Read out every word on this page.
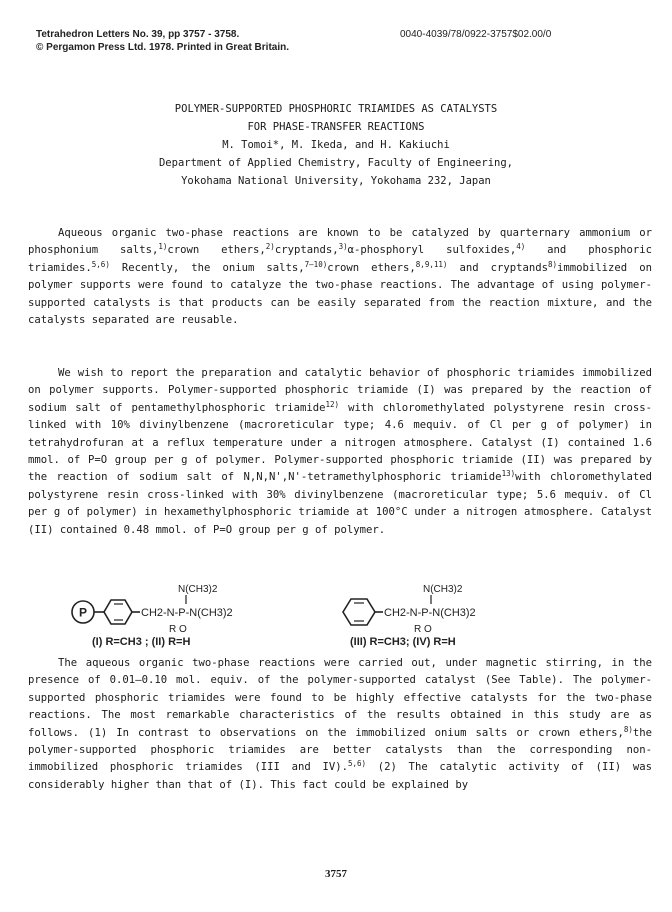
Tetrahedron Letters No. 39, pp 3757 - 3758.
© Pergamon Press Ltd. 1978. Printed in Great Britain.
0040-4039/78/0922-3757$02.00/0
POLYMER-SUPPORTED PHOSPHORIC TRIAMIDES AS CATALYSTS
FOR PHASE-TRANSFER REACTIONS
M. Tomoi*, M. Ikeda, and H. Kakiuchi
Department of Applied Chemistry, Faculty of Engineering,
Yokohama National University, Yokohama 232, Japan

Aqueous organic two-phase reactions are known to be catalyzed by quarternary ammonium or phosphonium salts,$^{1)}$crown ethers,$^{2)}$cryptands,$^{3)}$α-phosphoryl sulfoxides,$^{4)}$ and phosphoric triamides.$^{5,6)}$ Recently, the onium salts,$^{7—10)}$crown ethers,$^{8,9,11)}$ and cryptands$^{8)}$immobilized on polymer supports were found to catalyze the two-phase reactions. The advantage of using polymer-supported catalysts is that products can be easily separated from the reaction mixture, and the catalysts separated are reusable.

We wish to report the preparation and catalytic behavior of phosphoric triamides immobilized on polymer supports. Polymer-supported phosphoric triamide (I) was prepared by the reaction of sodium salt of pentamethylphosphoric triamide$^{12)}$ with chloromethylated polystyrene resin cross-linked with 10% divinylbenzene (macroreticular type; 4.6 mequiv. of Cl per g of polymer) in tetrahydrofuran at a reflux temperature under a nitrogen atmosphere. Catalyst (I) contained 1.6 mmol. of P=O group per g of polymer. Polymer-supported phosphoric triamide (II) was prepared by the reaction of sodium salt of N,N,N',N'-tetramethylphosphoric triamide$^{13)}$with chloromethylated polystyrene resin cross-linked with 30% divinylbenzene (macroreticular type; 5.6 mequiv. of Cl per g of polymer) in hexamethylphosphoric triamide at 100°C under a nitrogen atmosphere. Catalyst (II) contained 0.48 mmol. of P=O group per g of polymer.

P
N(CH3)2
CH2-N-P-N(CH3)2
R O
(I) R=CH3 ; (II) R=H
N(CH3)2
CH2-N-P-N(CH3)2
R O
(III) R=CH3; (IV) R=H

The aqueous organic two-phase reactions were carried out, under magnetic stirring, in the presence of 0.01—0.10 mol. equiv. of the polymer-supported catalyst (See Table). The polymer-supported phosphoric triamides were found to be highly effective catalysts for the two-phase reactions. The most remarkable characteristics of the results obtained in this study are as follows. (1) In contrast to observations on the immobilized onium salts or crown ethers,$^{8)}$the polymer-supported phosphoric triamides are better catalysts than the corresponding non-immobilized phosphoric triamides (III and IV).$^{5,6)}$ (2) The catalytic activity of (II) was considerably higher than that of (I). This fact could be explained by

3757
